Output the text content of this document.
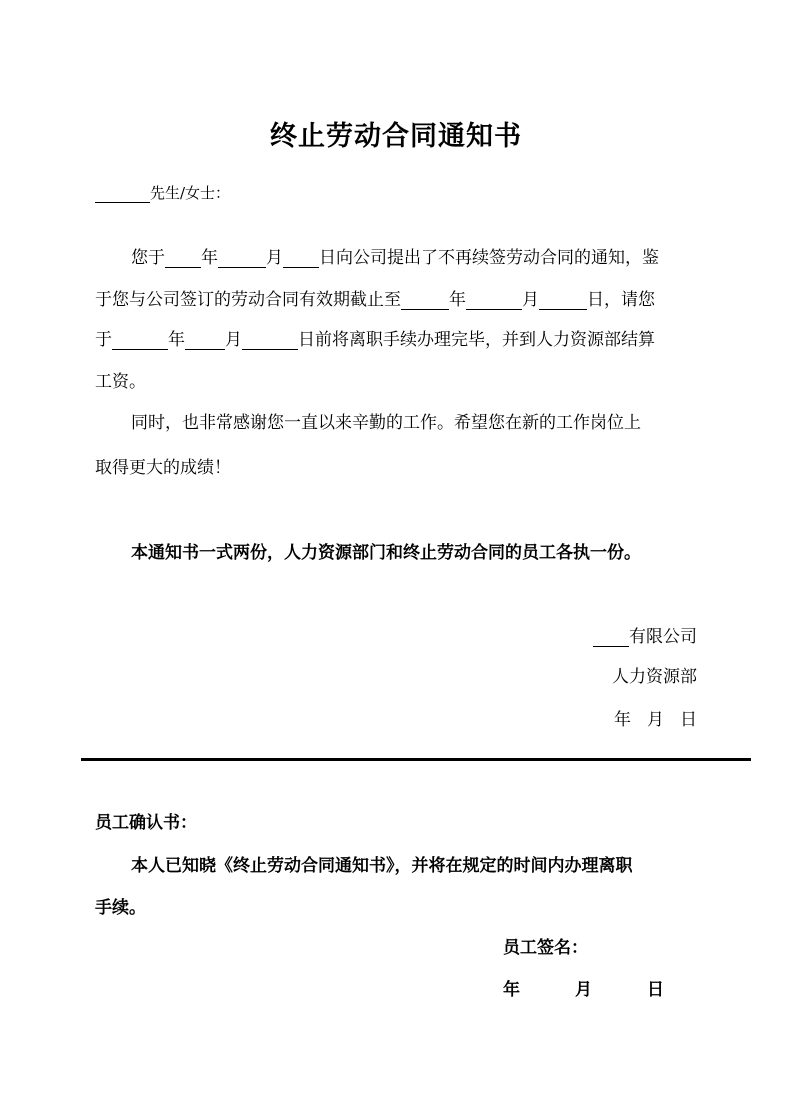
终止劳动合同通知书
先生/女士：
您于 年	月 日向公司提出了不再续签劳动合同的通知，鉴
于您与公司签订的劳动合同有效期截止至	年	月	日，请您
于	年 月	日前将离职手续办理完毕，并到人力资源部结算
工资。
同时，也非常感谢您一直以来辛勤的工作。希望您在新的工作岗位上
取得更大的成绩！
本通知书一式两份，人力资源部门和终止劳动合同的员工各执一份。
有限公司
人力资源部
年 月 日
员工确认书：
本人已知晓《终止劳动合同通知书》，并将在规定的时间内办理离职
手续。
员工签名：
年	月	日
